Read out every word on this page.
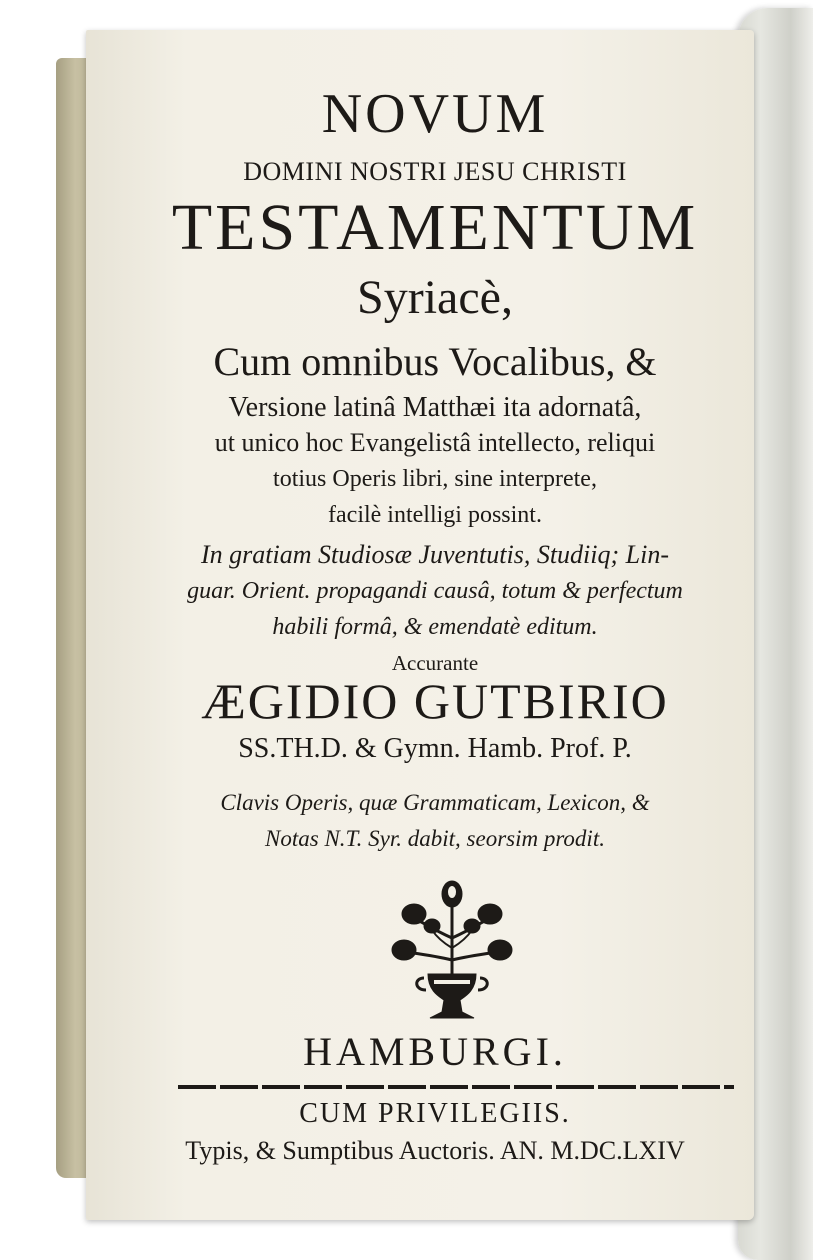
NOVUM
DOMINI NOSTRI JESU CHRISTI
TESTAMENTUM
Syriacè,
Cum omnibus Vocalibus, &
Versione latinâ Matthæi ita adornatâ,
ut unico hoc Evangelistâ intellecto, reliqui
totius Operis libri, sine interprete,
facilè intelligi possint.
In gratiam Studiosæ Juventutis, Studiiq; Lin-
guar. Orient. propagandi causâ, totum & perfectum
habili formâ, & emendatè editum.
Accurante
ÆGIDIO GUTBIRIO
SS.TH.D. & Gymn. Hamb. Prof. P.
Clavis Operis, quæ Grammaticam, Lexicon, &
Notas N.T. Syr. dabit, seorsim prodit.
HAMBURGI.
CUM PRIVILEGIIS.
Typis, & Sumptibus Auctoris. AN. M.DC.LXIV
